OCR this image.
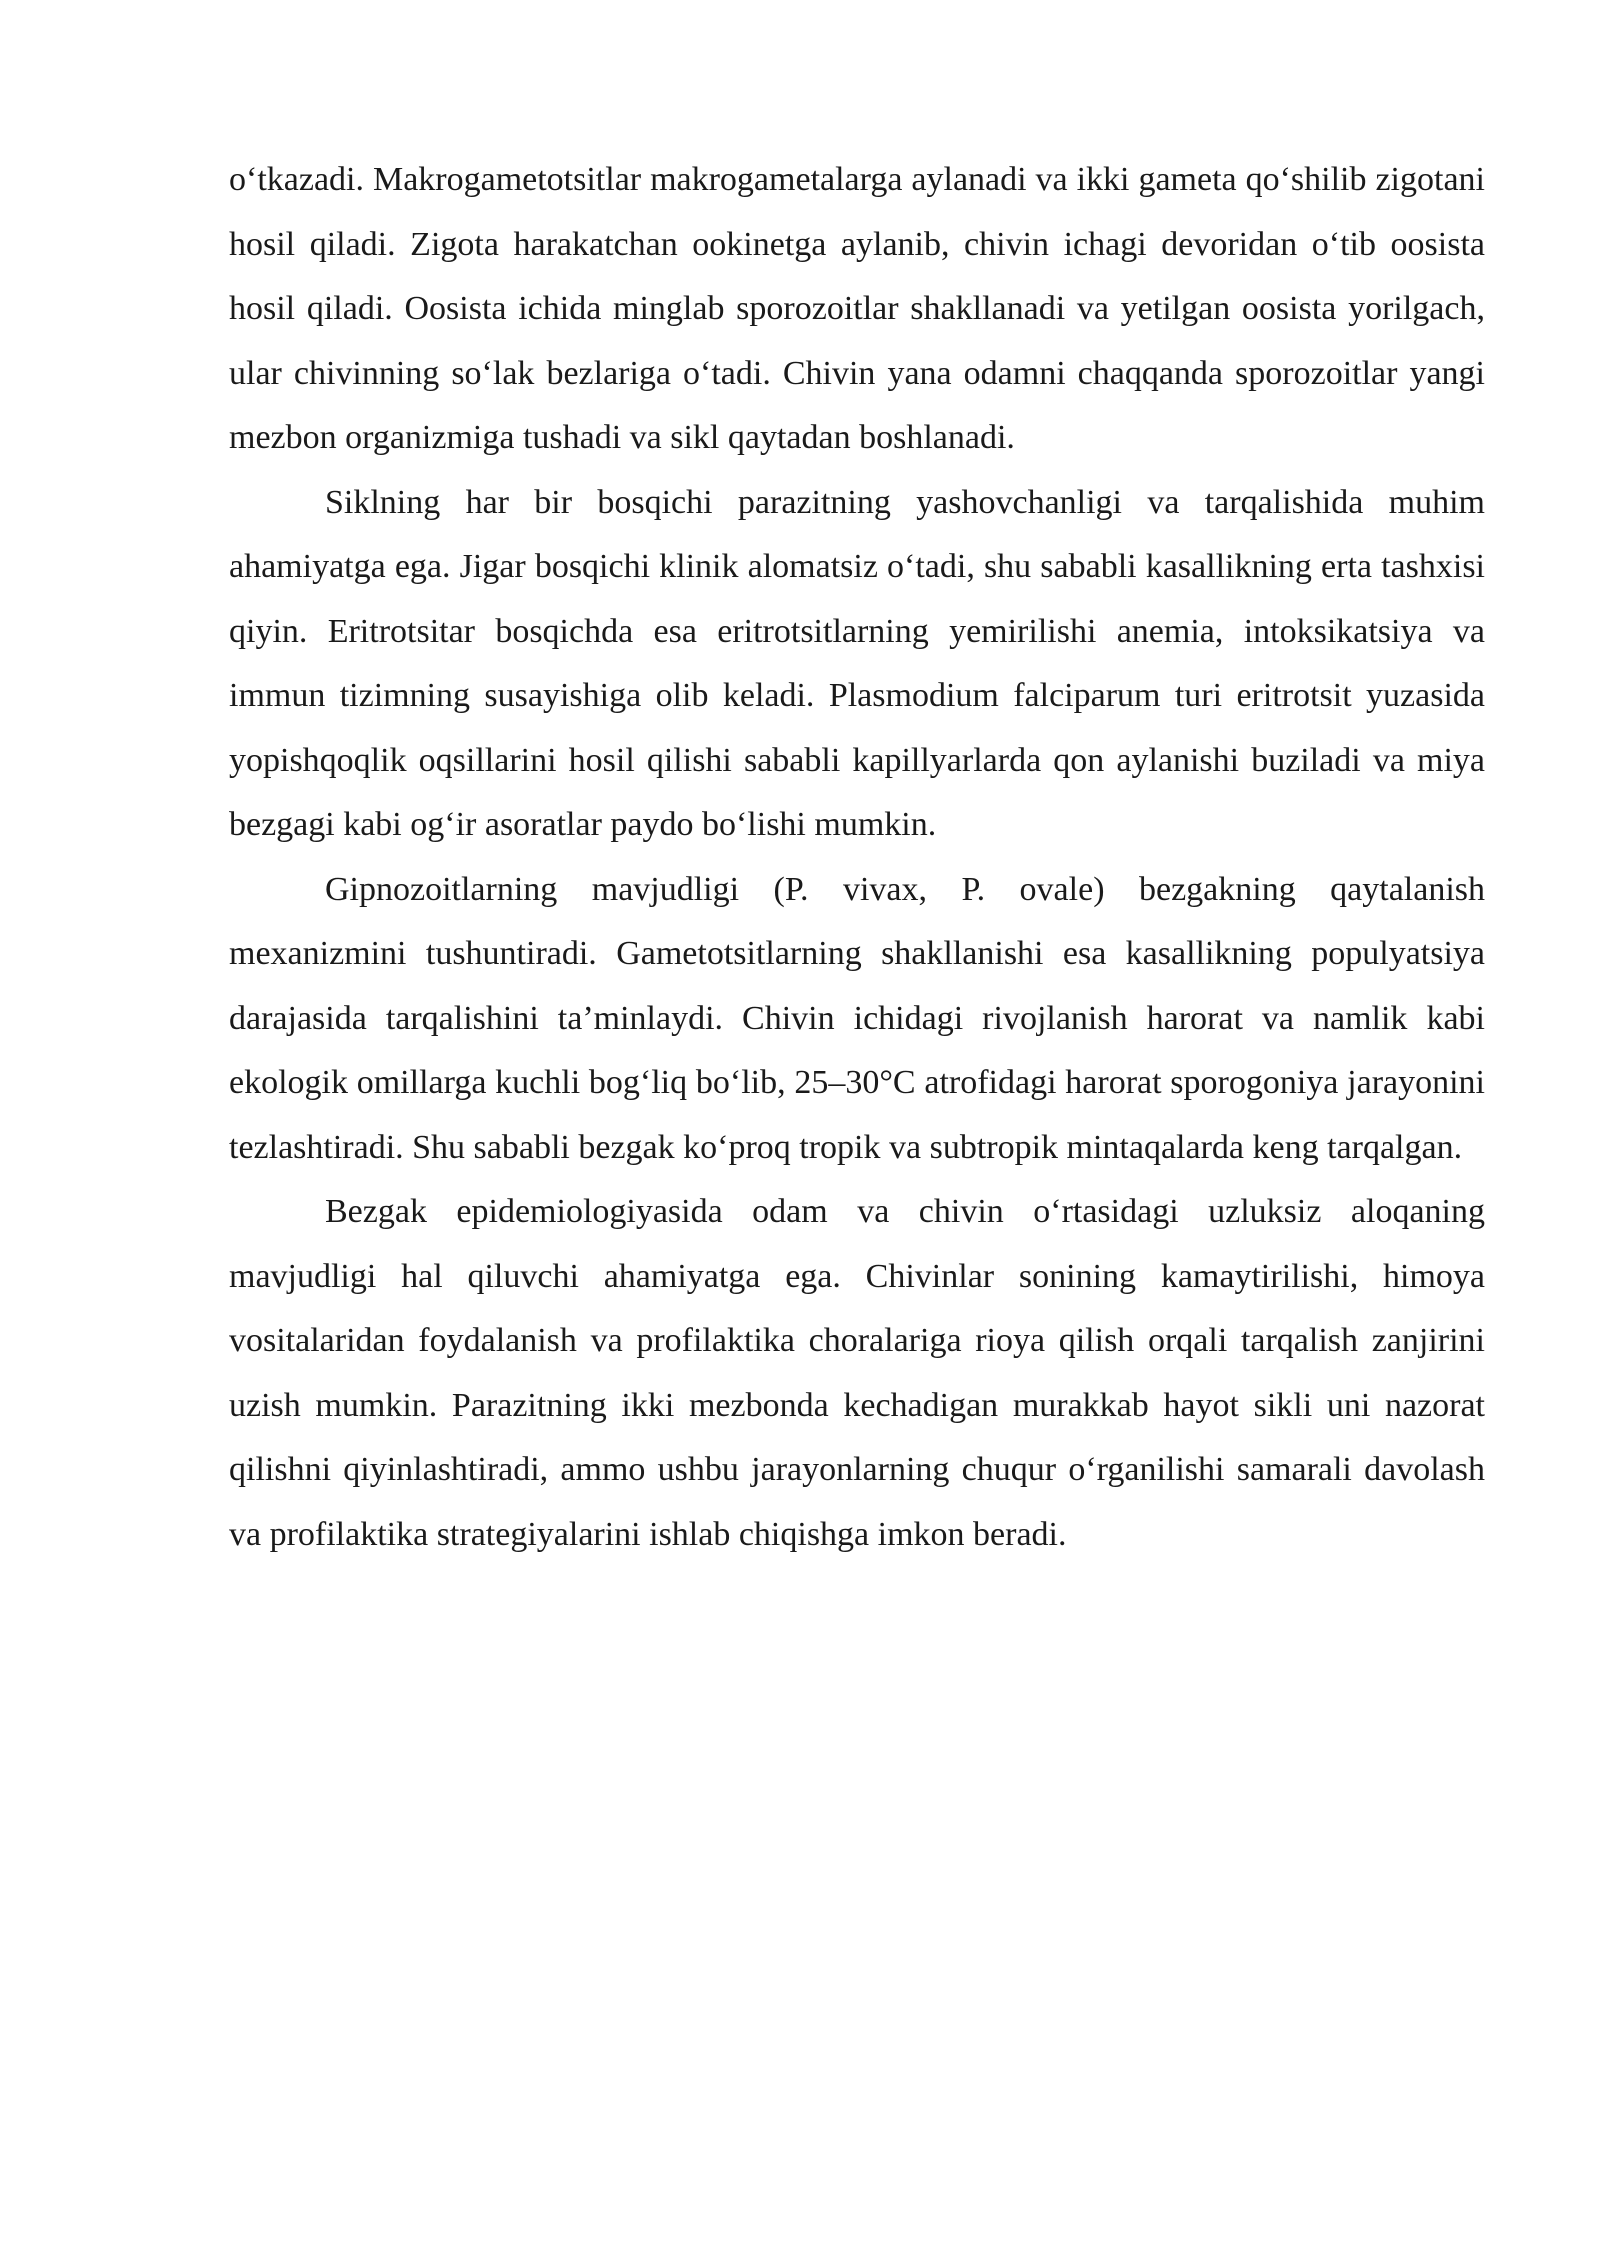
o‘tkazadi. Makrogametotsitlar makrogametalarga aylanadi va ikki gameta qo‘shilib zigotani hosil qiladi. Zigota harakatchan ookinetga aylanib, chivin ichagi devoridan o‘tib oosista hosil qiladi. Oosista ichida minglab sporozoitlar shakllanadi va yetilgan oosista yorilgach, ular chivinning so‘lak bezlariga o‘tadi. Chivin yana odamni chaqqanda sporozoitlar yangi mezbon organizmiga tushadi va sikl qaytadan boshlanadi.

Siklning har bir bosqichi parazitning yashovchanligi va tarqalishida muhim ahamiyatga ega. Jigar bosqichi klinik alomatsiz o‘tadi, shu sababli kasallikning erta tashxisi qiyin. Eritrotsitar bosqichda esa eritrotsitlarning yemirilishi anemia, intoksikatsiya va immun tizimning susayishiga olib keladi. Plasmodium falciparum turi eritrotsit yuzasida yopishqoqlik oqsillarini hosil qilishi sababli kapillyarlarda qon aylanishi buziladi va miya bezgagi kabi og‘ir asoratlar paydo bo‘lishi mumkin.

Gipnozoitlarning mavjudligi (P. vivax, P. ovale) bezgakning qaytalanish mexanizmini tushuntiradi. Gametotsitlarning shakllanishi esa kasallikning populyatsiya darajasida tarqalishini ta’minlaydi. Chivin ichidagi rivojlanish harorat va namlik kabi ekologik omillarga kuchli bog‘liq bo‘lib, 25–30°C atrofidagi harorat sporogoniya jarayonini tezlashtiradi. Shu sababli bezgak ko‘proq tropik va subtropik mintaqalarda keng tarqalgan.

Bezgak epidemiologiyasida odam va chivin o‘rtasidagi uzluksiz aloqaning mavjudligi hal qiluvchi ahamiyatga ega. Chivinlar sonining kamaytirilishi, himoya vositalaridan foydalanish va profilaktika choralariga rioya qilish orqali tarqalish zanjirini uzish mumkin. Parazitning ikki mezbonda kechadigan murakkab hayot sikli uni nazorat qilishni qiyinlashtiradi, ammo ushbu jarayonlarning chuqur o‘rganilishi samarali davolash va profilaktika strategiyalarini ishlab chiqishga imkon beradi.
